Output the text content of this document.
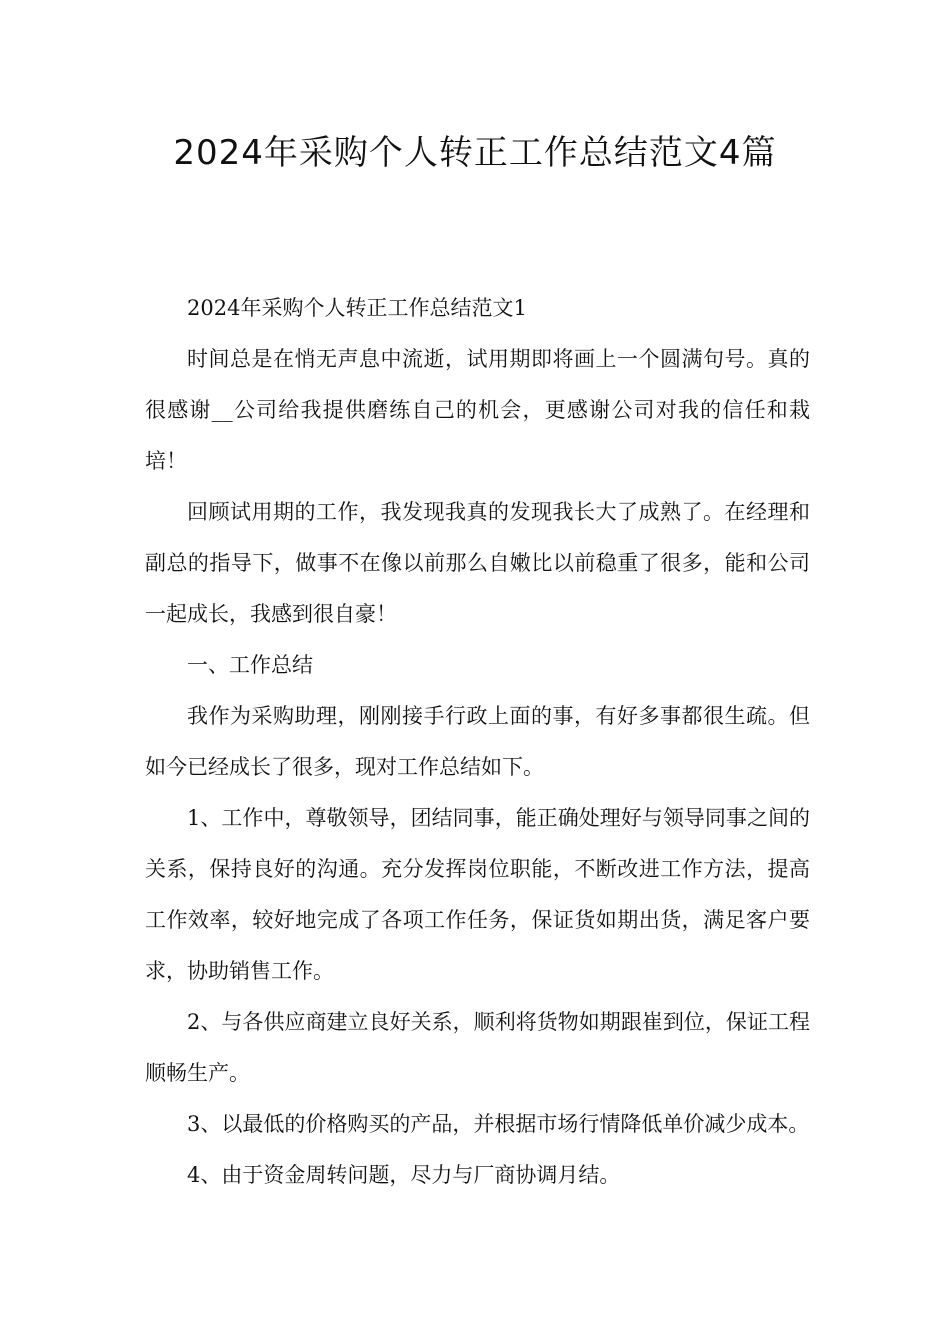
2024年采购个人转正工作总结范文4篇

2024年采购个人转正工作总结范文1

时间总是在悄无声息中流逝，试用期即将画上一个圆满句号。真的很感谢__公司给我提供磨练自己的机会，更感谢公司对我的信任和栽培！

回顾试用期的工作，我发现我真的发现我长大了成熟了。在经理和副总的指导下，做事不在像以前那么自嫩比以前稳重了很多，能和公司一起成长，我感到很自豪！

一、工作总结

我作为采购助理，刚刚接手行政上面的事，有好多事都很生疏。但如今已经成长了很多，现对工作总结如下。

1、工作中，尊敬领导，团结同事，能正确处理好与领导同事之间的关系，保持良好的沟通。充分发挥岗位职能，不断改进工作方法，提高工作效率，较好地完成了各项工作任务，保证货如期出货，满足客户要求，协助销售工作。

2、与各供应商建立良好关系，顺利将货物如期跟崔到位，保证工程顺畅生产。

3、以最低的价格购买的产品，并根据市场行情降低单价减少成本。

4、由于资金周转问题，尽力与厂商协调月结。
